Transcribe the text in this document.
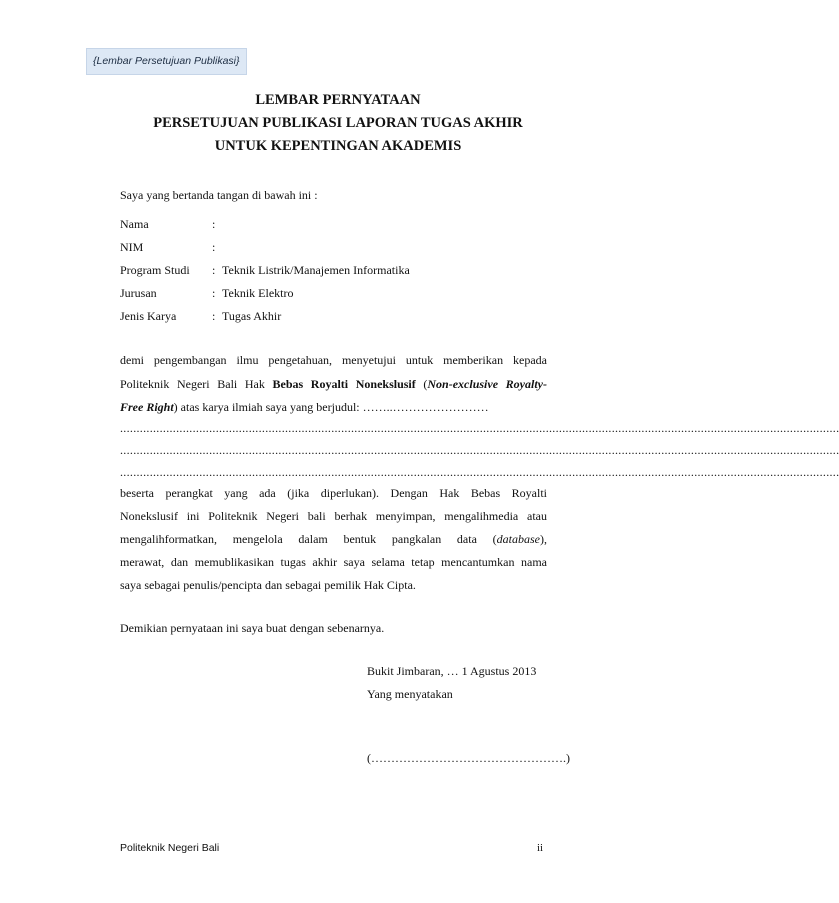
{Lembar Persetujuan Publikasi}
LEMBAR PERNYATAAN
PERSETUJUAN PUBLIKASI LAPORAN TUGAS AKHIR
UNTUK KEPENTINGAN AKADEMIS
Saya yang bertanda tangan di bawah ini :
Nama	:
NIM	:
Program Studi : Teknik Listrik/Manajemen Informatika
Jurusan	: Teknik Elektro
Jenis Karya	: Tugas Akhir
demi pengembangan ilmu pengetahuan, menyetujui untuk memberikan kepada
Politeknik Negeri Bali Hak Bebas Royalti Nonekslusif (Non-exclusive Royalty-
Free Right) atas karya ilmiah saya yang berjudul: ……..……………………
..........................................................................................................................................................................................................................
..........................................................................................................................................................................................................................
..........................................................................................................................................................................................................................
beserta perangkat yang ada (jika diperlukan). Dengan Hak Bebas Royalti
Nonekslusif ini Politeknik Negeri bali berhak menyimpan, mengalihmedia atau
mengalihformatkan, mengelola dalam bentuk pangkalan data (database),
merawat, dan memublikasikan tugas akhir saya selama tetap mencantumkan nama
saya sebagai penulis/pencipta dan sebagai pemilik Hak Cipta.
Demikian pernyataan ini saya buat dengan sebenarnya.
Bukit Jimbaran, … 1 Agustus 2013
Yang menyatakan
(………………………………………….)
Politeknik Negeri Bali	ii
